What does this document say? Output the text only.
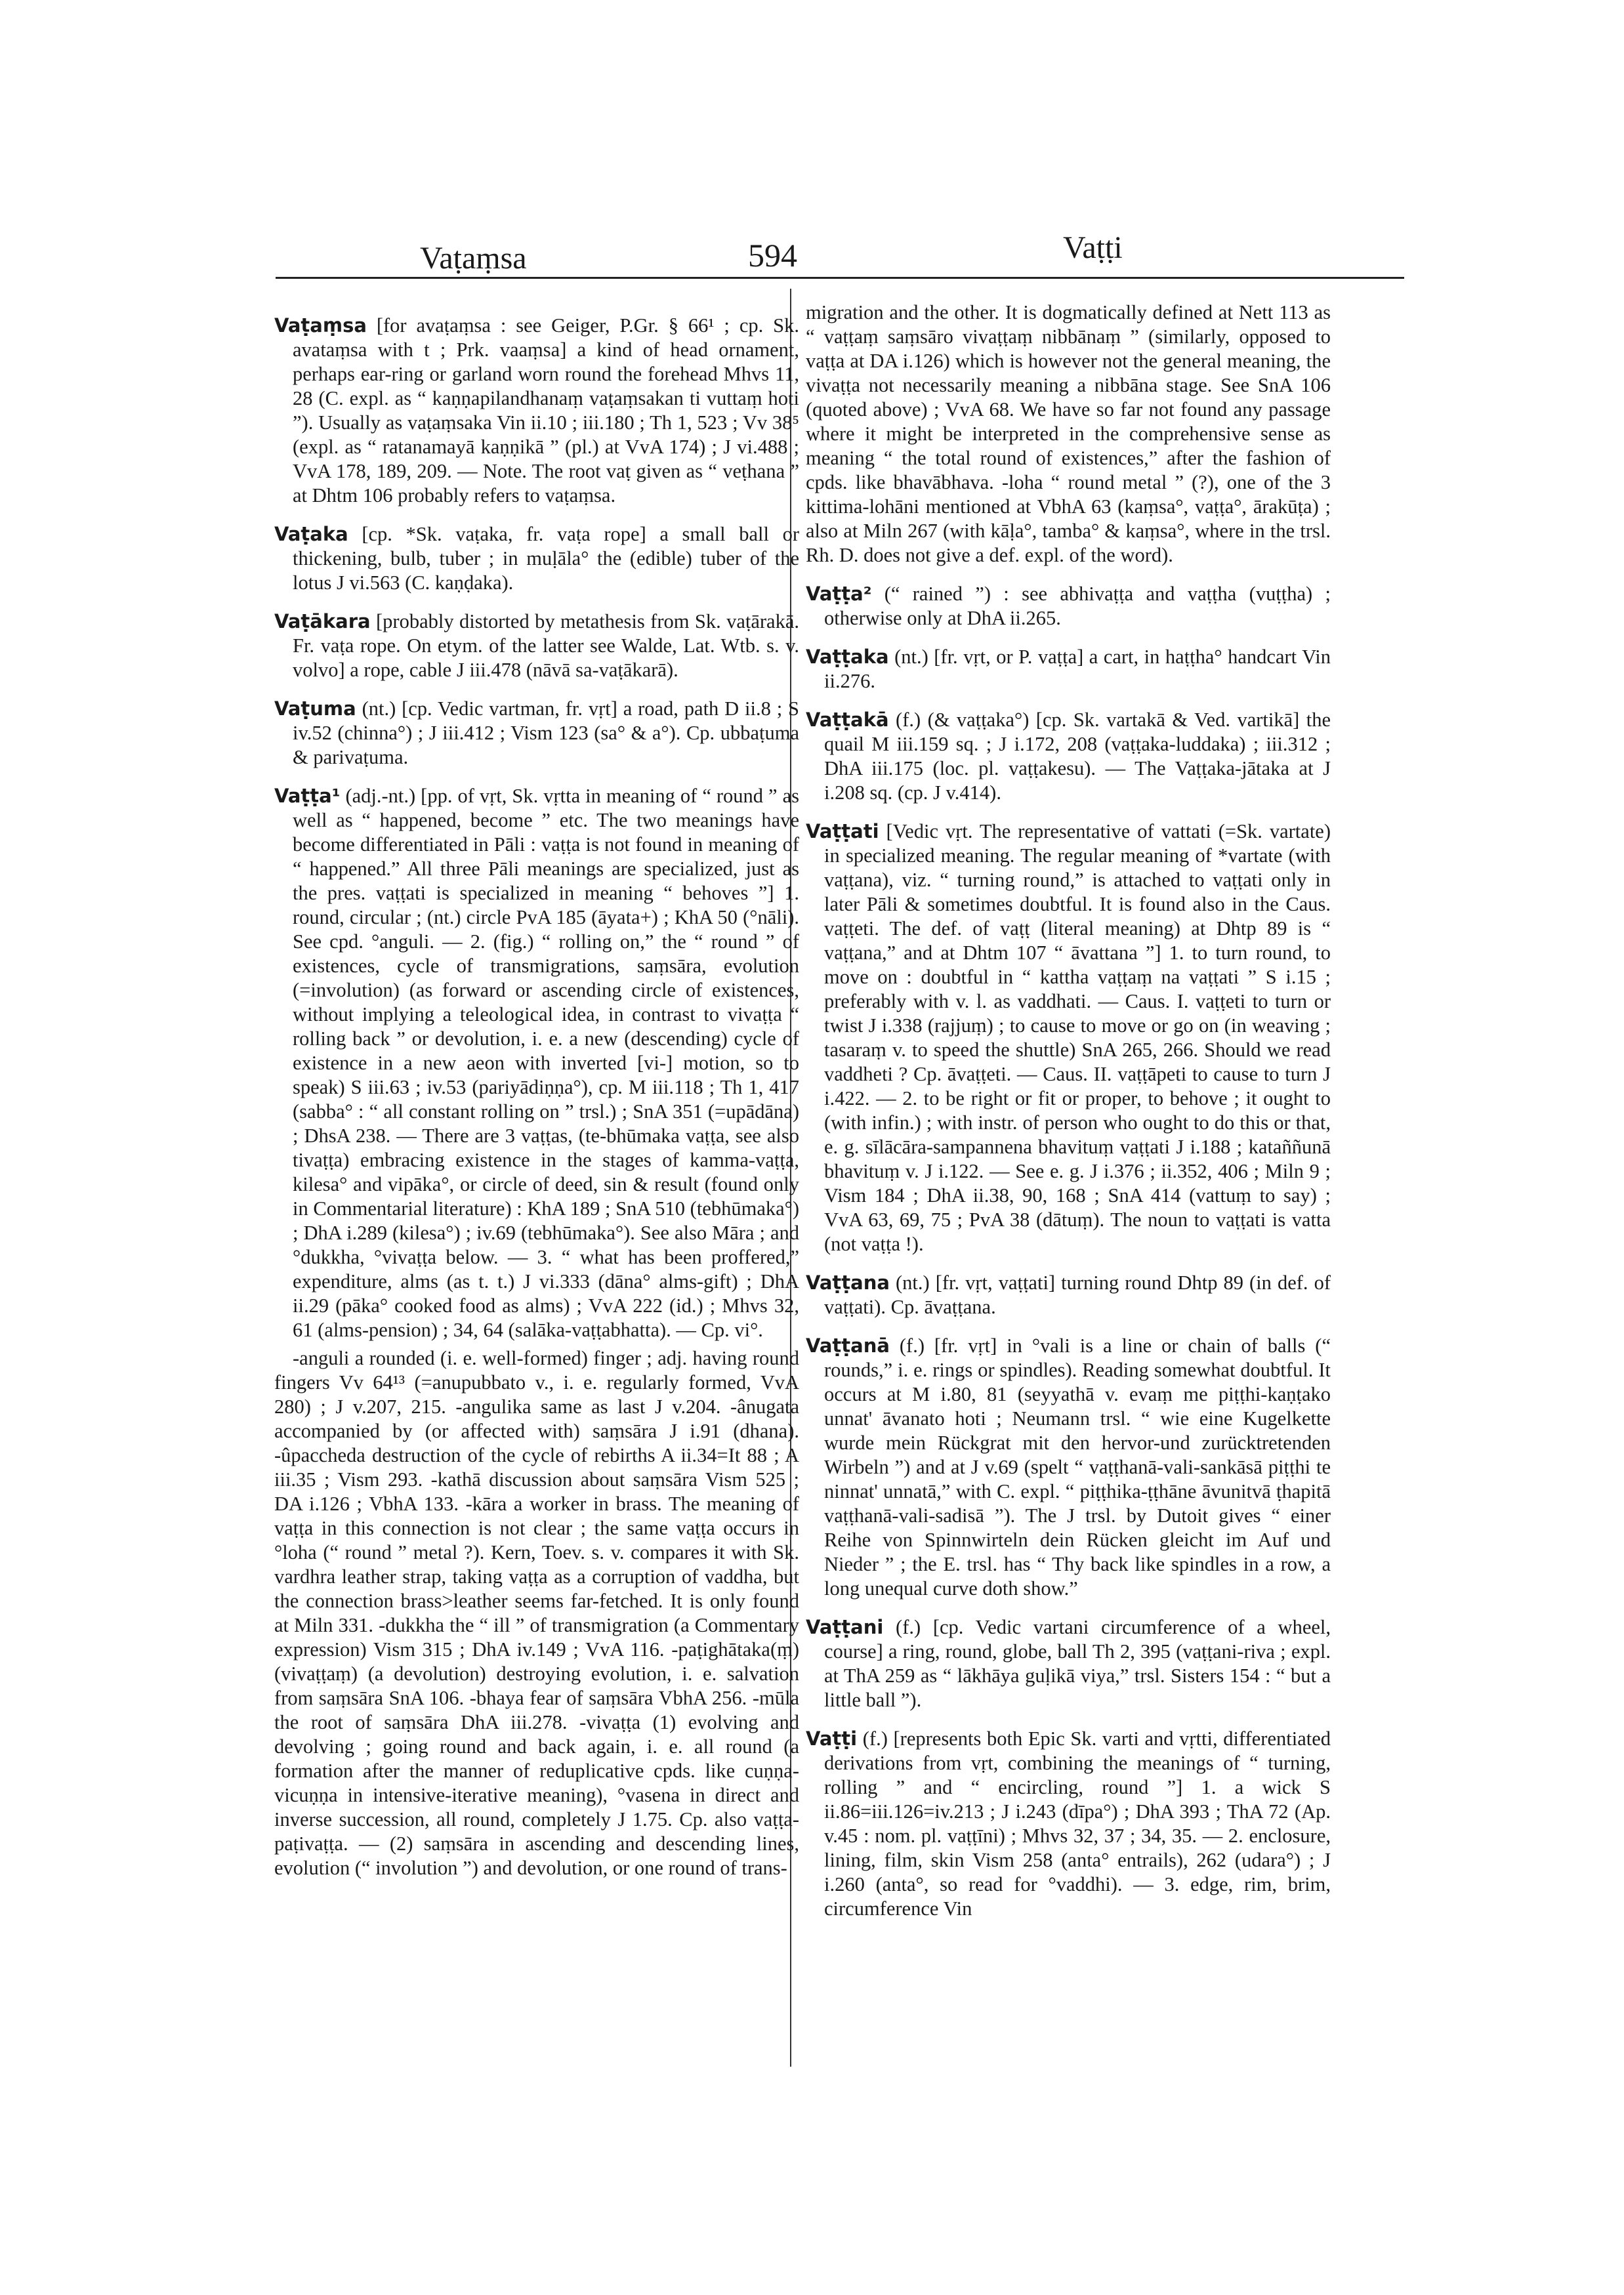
Vaṭaṃsa	594	Vaṭṭi

Vaṭaṃsa [for avaṭaṃsa : see Geiger, P.Gr. § 66¹ ; cp. Sk. avataṃsa with t ; Prk. vaaṃsa] a kind of head ornament, perhaps ear-ring or garland worn round the forehead Mhvs 11, 28 (C. expl. as “ kaṇṇapilandhanaṃ vaṭaṃsakan ti vuttaṃ hoti ”). Usually as vaṭaṃsaka Vin ii.10 ; iii.180 ; Th 1, 523 ; Vv 38⁵ (expl. as “ ratanamayā kaṇṇikā ” (pl.) at VvA 174) ; J vi.488 ; VvA 178, 189, 209. — Note. The root vaṭ given as “ veṭhana ” at Dhtm 106 probably refers to vaṭaṃsa.

Vaṭaka [cp. *Sk. vaṭaka, fr. vaṭa rope] a small ball or thickening, bulb, tuber ; in muḷāla° the (edible) tuber of the lotus J vi.563 (C. kaṇḍaka).

Vaṭākara [probably distorted by metathesis from Sk. vaṭārakā. Fr. vaṭa rope. On etym. of the latter see Walde, Lat. Wtb. s. v. volvo] a rope, cable J iii.478 (nāvā sa-vaṭākarā).

Vaṭuma (nt.) [cp. Vedic vartman, fr. vṛt] a road, path D ii.8 ; S iv.52 (chinna°) ; J iii.412 ; Vism 123 (sa° & a°). Cp. ubbaṭuma & parivaṭuma.

Vaṭṭa¹ (adj.-nt.) [pp. of vṛt, Sk. vṛtta in meaning of “ round ” as well as “ happened, become ” etc. The two meanings have become differentiated in Pāli : vaṭṭa is not found in meaning of “ happened.” All three Pāli meanings are specialized, just as the pres. vaṭṭati is specialized in meaning “ behoves ”] 1. round, circular ; (nt.) circle PvA 185 (āyata+) ; KhA 50 (°nāli). See cpd. °anguli. — 2. (fig.) “ rolling on,” the “ round ” of existences, cycle of transmigrations, saṃsāra, evolution (=involution) (as forward or ascending circle of existences, without implying a teleological idea, in contrast to vivaṭṭa “ rolling back ” or devolution, i. e. a new (descending) cycle of existence in a new aeon with inverted [vi-] motion, so to speak) S iii.63 ; iv.53 (pariyādiṇṇa°), cp. M iii.118 ; Th 1, 417 (sabba° : “ all constant rolling on ” trsl.) ; SnA 351 (=upādāna) ; DhsA 238. — There are 3 vaṭṭas, (te-bhūmaka vaṭṭa, see also tivaṭṭa) embracing existence in the stages of kamma-vaṭṭa, kilesa° and vipāka°, or circle of deed, sin & result (found only in Commentarial literature) : KhA 189 ; SnA 510 (tebhūmaka°) ; DhA i.289 (kilesa°) ; iv.69 (tebhūmaka°). See also Māra ; and °dukkha, °vivaṭṭa below. — 3. “ what has been proffered,” expenditure, alms (as t. t.) J vi.333 (dāna° alms-gift) ; DhA ii.29 (pāka° cooked food as alms) ; VvA 222 (id.) ; Mhvs 32, 61 (alms-pension) ; 34, 64 (salāka-vaṭṭabhatta). — Cp. vi°.

-anguli a rounded (i. e. well-formed) finger ; adj. having round fingers Vv 64¹³ (=anupubbato v., i. e. regularly formed, VvA 280) ; J v.207, 215. -angulika same as last J v.204. -ânugata accompanied by (or affected with) saṃsāra J i.91 (dhana). -ûpaccheda destruction of the cycle of rebirths A ii.34=It 88 ; A iii.35 ; Vism 293. -kathā discussion about saṃsāra Vism 525 ; DA i.126 ; VbhA 133. -kāra a worker in brass. The meaning of vaṭṭa in this connection is not clear ; the same vaṭṭa occurs in °loha (“ round ” metal ?). Kern, Toev. s. v. compares it with Sk. vardhra leather strap, taking vaṭṭa as a corruption of vaddha, but the connection brass>leather seems far-fetched. It is only found at Miln 331. -dukkha the “ ill ” of transmigration (a Commentary expression) Vism 315 ; DhA iv.149 ; VvA 116. -paṭighātaka(ṃ) (vivaṭṭaṃ) (a devolution) destroying evolution, i. e. salvation from saṃsāra SnA 106. -bhaya fear of saṃsāra VbhA 256. -mūla the root of saṃsāra DhA iii.278. -vivaṭṭa (1) evolving and devolving ; going round and back again, i. e. all round (a formation after the manner of reduplicative cpds. like cuṇṇa-vicuṇṇa in intensive-iterative meaning), °vasena in direct and inverse succession, all round, completely J 1.75. Cp. also vaṭṭa-paṭivaṭṭa. — (2) saṃsāra in ascending and descending lines, evolution (“ involution ”) and devolution, or one round of trans-

migration and the other. It is dogmatically defined at Nett 113 as “ vaṭṭaṃ saṃsāro vivaṭṭaṃ nibbānaṃ ” (similarly, opposed to vaṭṭa at DA i.126) which is however not the general meaning, the vivaṭṭa not necessarily meaning a nibbāna stage. See SnA 106 (quoted above) ; VvA 68. We have so far not found any passage where it might be interpreted in the comprehensive sense as meaning “ the total round of existences,” after the fashion of cpds. like bhavābhava. -loha “ round metal ” (?), one of the 3 kittima-lohāni mentioned at VbhA 63 (kaṃsa°, vaṭṭa°, ārakūṭa) ; also at Miln 267 (with kāḷa°, tamba° & kaṃsa°, where in the trsl. Rh. D. does not give a def. expl. of the word).

Vaṭṭa² (“ rained ”) : see abhivaṭṭa and vaṭṭha (vuṭṭha) ; otherwise only at DhA ii.265.

Vaṭṭaka (nt.) [fr. vṛt, or P. vaṭṭa] a cart, in haṭṭha° handcart Vin ii.276.

Vaṭṭakā (f.) (& vaṭṭaka°) [cp. Sk. vartakā & Ved. vartikā] the quail M iii.159 sq. ; J i.172, 208 (vaṭṭaka-luddaka) ; iii.312 ; DhA iii.175 (loc. pl. vaṭṭakesu). — The Vaṭṭaka-jātaka at J i.208 sq. (cp. J v.414).

Vaṭṭati [Vedic vṛt. The representative of vattati (=Sk. vartate) in specialized meaning. The regular meaning of *vartate (with vaṭṭana), viz. “ turning round,” is attached to vaṭṭati only in later Pāli & sometimes doubtful. It is found also in the Caus. vaṭṭeti. The def. of vaṭṭ (literal meaning) at Dhtp 89 is “ vaṭṭana,” and at Dhtm 107 “ āvattana ”] 1. to turn round, to move on : doubtful in “ kattha vaṭṭaṃ na vaṭṭati ” S i.15 ; preferably with v. l. as vaddhati. — Caus. I. vaṭṭeti to turn or twist J i.338 (rajjuṃ) ; to cause to move or go on (in weaving ; tasaraṃ v. to speed the shuttle) SnA 265, 266. Should we read vaddheti ? Cp. āvaṭṭeti. — Caus. II. vaṭṭāpeti to cause to turn J i.422. — 2. to be right or fit or proper, to behove ; it ought to (with infin.) ; with instr. of person who ought to do this or that, e. g. sīlācāra-sampannena bhavituṃ vaṭṭati J i.188 ; kataññunā bhavituṃ v. J i.122. — See e. g. J i.376 ; ii.352, 406 ; Miln 9 ; Vism 184 ; DhA ii.38, 90, 168 ; SnA 414 (vattuṃ to say) ; VvA 63, 69, 75 ; PvA 38 (dātuṃ). The noun to vaṭṭati is vatta (not vaṭṭa !).

Vaṭṭana (nt.) [fr. vṛt, vaṭṭati] turning round Dhtp 89 (in def. of vaṭṭati). Cp. āvaṭṭana.

Vaṭṭanā (f.) [fr. vṛt] in °vali is a line or chain of balls (“ rounds,” i. e. rings or spindles). Reading somewhat doubtful. It occurs at M i.80, 81 (seyyathā v. evaṃ me piṭṭhi-kaṇṭako unnat' āvanato hoti ; Neumann trsl. “ wie eine Kugelkette wurde mein Rückgrat mit den hervor-und zurücktretenden Wirbeln ”) and at J v.69 (spelt “ vaṭṭhanā-vali-sankāsā piṭṭhi te ninnat' unnatā,” with C. expl. “ piṭṭhika-ṭṭhāne āvunitvā ṭhapitā vaṭṭhanā-vali-sadisā ”). The J trsl. by Dutoit gives “ einer Reihe von Spinnwirteln dein Rücken gleicht im Auf und Nieder ” ; the E. trsl. has “ Thy back like spindles in a row, a long unequal curve doth show.”

Vaṭṭani (f.) [cp. Vedic vartani circumference of a wheel, course] a ring, round, globe, ball Th 2, 395 (vaṭṭani-riva ; expl. at ThA 259 as “ lākhāya guḷikā viya,” trsl. Sisters 154 : “ but a little ball ”).

Vaṭṭi (f.) [represents both Epic Sk. varti and vṛtti, differentiated derivations from vṛt, combining the meanings of “ turning, rolling ” and “ encircling, round ”] 1. a wick S ii.86=iii.126=iv.213 ; J i.243 (dīpa°) ; DhA 393 ; ThA 72 (Ap. v.45 : nom. pl. vaṭṭīni) ; Mhvs 32, 37 ; 34, 35. — 2. enclosure, lining, film, skin Vism 258 (anta° entrails), 262 (udara°) ; J i.260 (anta°, so read for °vaddhi). — 3. edge, rim, brim, circumference Vin
